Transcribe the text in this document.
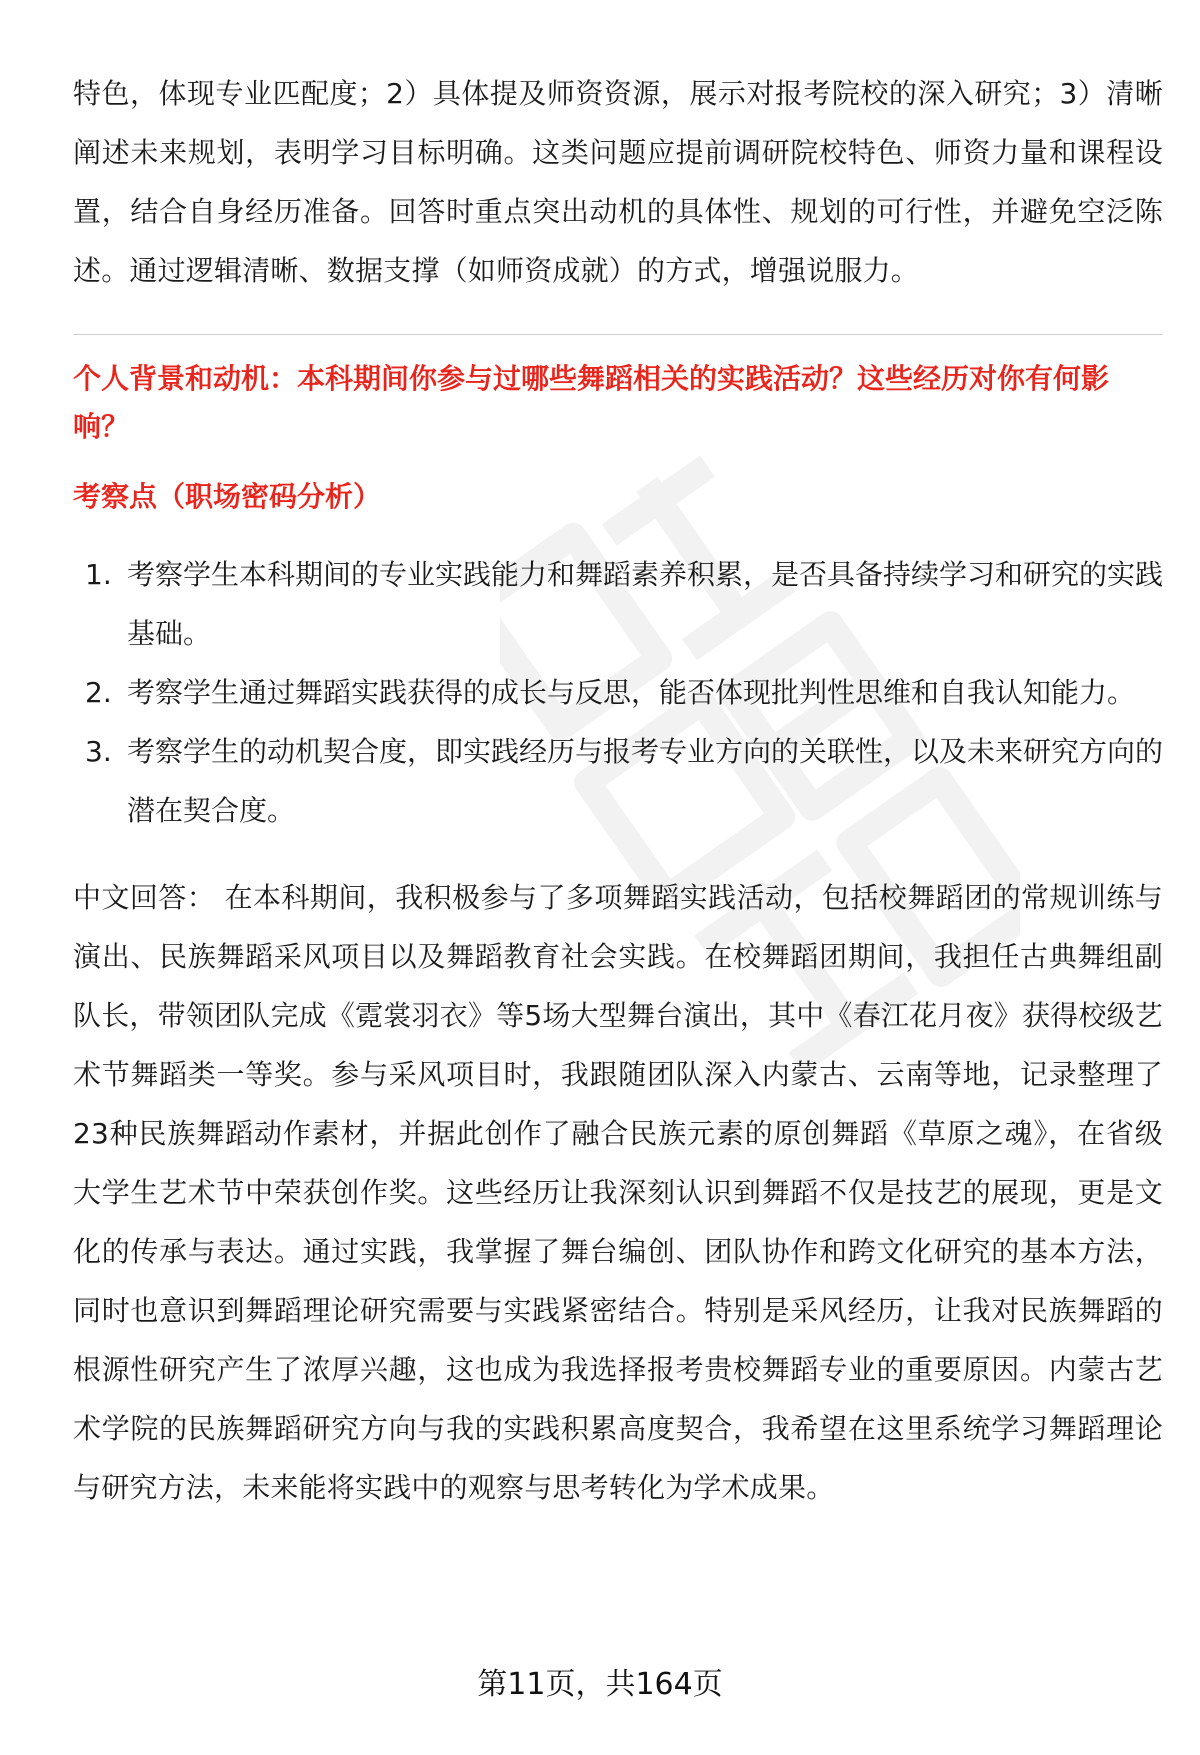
特色，体现专业匹配度；2）具体提及师资资源，展示对报考院校的深入研究；3）清晰阐述未来规划，表明学习目标明确。这类问题应提前调研院校特色、师资力量和课程设置，结合自身经历准备。回答时重点突出动机的具体性、规划的可行性，并避免空泛陈述。通过逻辑清晰、数据支撑（如师资成就）的方式，增强说服力。

个人背景和动机：本科期间你参与过哪些舞蹈相关的实践活动？这些经历对你有何影响？

考察点（职场密码分析）

1. 考察学生本科期间的专业实践能力和舞蹈素养积累，是否具备持续学习和研究的实践基础。
2. 考察学生通过舞蹈实践获得的成长与反思，能否体现批判性思维和自我认知能力。
3. 考察学生的动机契合度，即实践经历与报考专业方向的关联性，以及未来研究方向的潜在契合度。

中文回答： 在本科期间，我积极参与了多项舞蹈实践活动，包括校舞蹈团的常规训练与演出、民族舞蹈采风项目以及舞蹈教育社会实践。在校舞蹈团期间，我担任古典舞组副队长，带领团队完成《霓裳羽衣》等5场大型舞台演出，其中《春江花月夜》获得校级艺术节舞蹈类一等奖。参与采风项目时，我跟随团队深入内蒙古、云南等地，记录整理了23种民族舞蹈动作素材，并据此创作了融合民族元素的原创舞蹈《草原之魂》，在省级大学生艺术节中荣获创作奖。这些经历让我深刻认识到舞蹈不仅是技艺的展现，更是文化的传承与表达。通过实践，我掌握了舞台编创、团队协作和跨文化研究的基本方法，同时也意识到舞蹈理论研究需要与实践紧密结合。特别是采风经历，让我对民族舞蹈的根源性研究产生了浓厚兴趣，这也成为我选择报考贵校舞蹈专业的重要原因。内蒙古艺术学院的民族舞蹈研究方向与我的实践积累高度契合，我希望在这里系统学习舞蹈理论与研究方法，未来能将实践中的观察与思考转化为学术成果。

第11页，共164页
